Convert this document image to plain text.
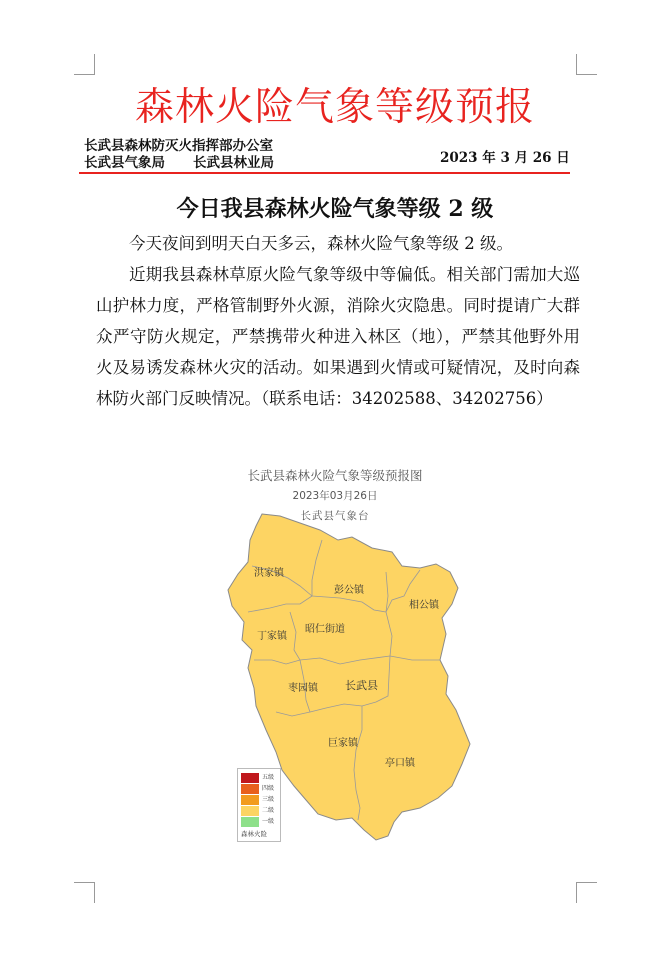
森林火险气象等级预报
长武县森林防灭火指挥部办公室
长武县气象局 长武县林业局	2023 年 3 月 26 日
今日我县森林火险气象等级 2 级

今天夜间到明天白天多云，森林火险气象等级 2 级。

近期我县森林草原火险气象等级中等偏低。相关部门需加大巡山护林力度，严格管制野外火源，消除火灾隐患。同时提请广大群众严守防火规定，严禁携带火种进入林区（地），严禁其他野外用火及易诱发森林火灾的活动。如果遇到火情或可疑情况，及时向森林防火部门反映情况。（联系电话：34202588、34202756）

长武县森林火险气象等级预报图
2023年03月26日
长武县气象台
洪家镇
彭公镇
相公镇
丁家镇
昭仁街道
枣园镇 长武县
巨家镇
亭口镇
五级
四级
三级
二级
一级
森林火险
